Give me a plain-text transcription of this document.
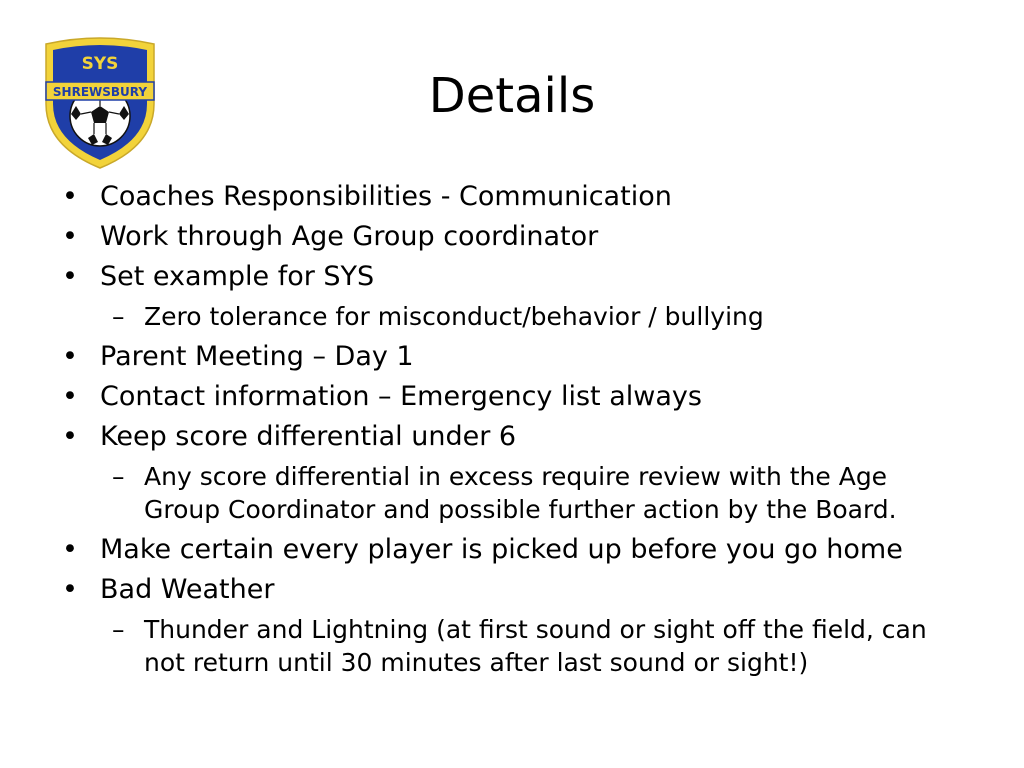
SYS
SHREWSBURY	Details
• Coaches Responsibilities - Communication
• Work through Age Group coordinator
• Set example for SYS
– Zero tolerance for misconduct/behavior / bullying
• Parent Meeting – Day 1
• Contact information – Emergency list always
• Keep score differential under 6
– Any score differential in excess require review with the Age Group Coordinator and possible further action by the Board.
• Make certain every player is picked up before you go home
• Bad Weather
– Thunder and Lightning (at first sound or sight off the field, can not return until 30 minutes after last sound or sight!)
